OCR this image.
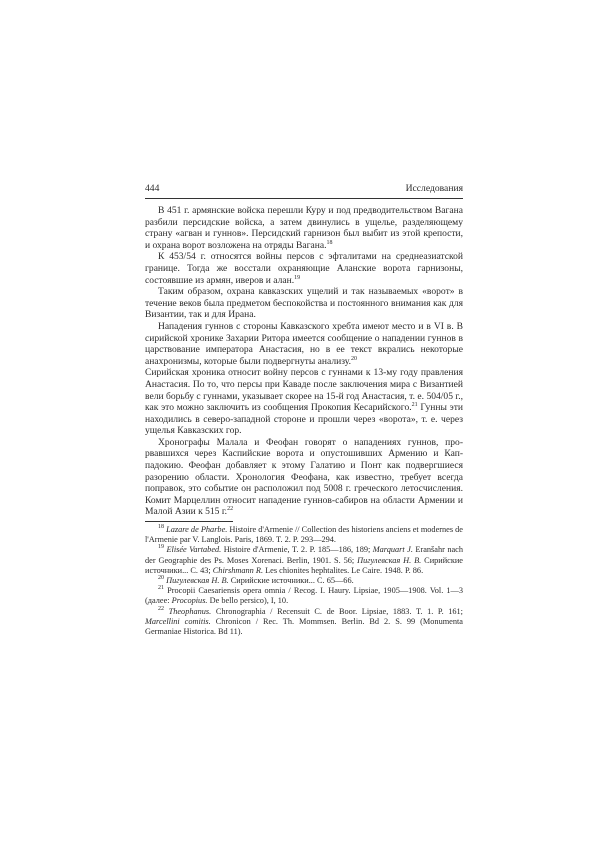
444	Исследования

В 451 г. армянские войска перешли Куру и под предводительством Вагана разбили персидские войска, а затем двинулись в ущелье, разделяющему страну «агван и гуннов». Персидский гарнизон был выбит из этой крепости, и охрана ворот возложена на отряды Вагана.$^{18}$

К 453/54 г. относятся войны персов с эфталитами на среднеазиатской границе. Тогда же восстали охраняющие Аланские ворота гарнизоны, состоявшие из армян, иверов и алан.$^{19}$

Таким образом, охрана кавказских ущелий и так называемых «ворот» в течение веков была предметом беспокойства и постоянного внимания как для Византии, так и для Ирана.

Нападения гуннов с стороны Кавказского хребта имеют место и в VI в. В сирийской хронике Захарии Ритора имеется сообщение о нападении гуннов в царствование императора Анастасия, но в ее текст вкрались некоторые анахронизмы, которые были подвергнуты анализу.$^{20}$

Сирийская хроника относит войну персов с гуннами к 13-му году правления Анастасия. По то, что персы при Каваде после заключения мира с Византией вели борьбу с гуннами, указывает скорее на 15-й год Анастасия, т. е. 504/05 г., как это можно заключить из сообщения Прокопия Кесарийского.$^{21}$ Гунны эти находились в северо-западной стороне и прошли через «ворота», т. е. через ущелья Кавказских гор.

Хронографы Малала и Феофан говорят о нападениях гуннов, прорвавшихся через Каспийские ворота и опустошивших Армению и Каппадокию. Феофан добавляет к этому Галатию и Понт как подвергшиеся разорению области. Хронология Феофана, как известно, требует всегда поправок, это событие он расположил под 5008 г. греческого летосчисления. Комит Марцеллин относит нападение гуннов-сабиров на области Армении и Малой Азии к 515 г.$^{22}$

$^{18}$ Lazare de Pharbe. Histoire d'Armenie // Collection des historiens anciens et modernes de l'Armenie par V. Langlois. Paris, 1869. T. 2. P. 293—294.

$^{19}$ Elisée Vartabed. Histoire d'Armenie, T. 2. P. 185—186, 189; Marquart J. Eranšahr nach der Geographie des Ps. Moses Xorenaci. Berlin, 1901. S. 56; Пигулевская Н. В. Сирийские источники... С. 43; Chirshmann R. Les chionites hephtalites. Le Caire. 1948. P. 86.

$^{20}$ Пигулевская Н. В. Сирийские источники... С. 65—66.

$^{21}$ Procopii Caesariensis opera omnia / Recog. I. Haury. Lipsiae, 1905—1908. Vol. 1—3 (далее: Procopius. De bello persico), I, 10.

$^{22}$ Theophanus. Chronographia / Recensuit C. de Boor. Lipsiae, 1883. T. 1. P. 161; Marcellini comitis. Chronicon / Rec. Th. Mommsen. Berlin. Bd 2. S. 99 (Monumenta Germaniae Historica. Bd 11).
